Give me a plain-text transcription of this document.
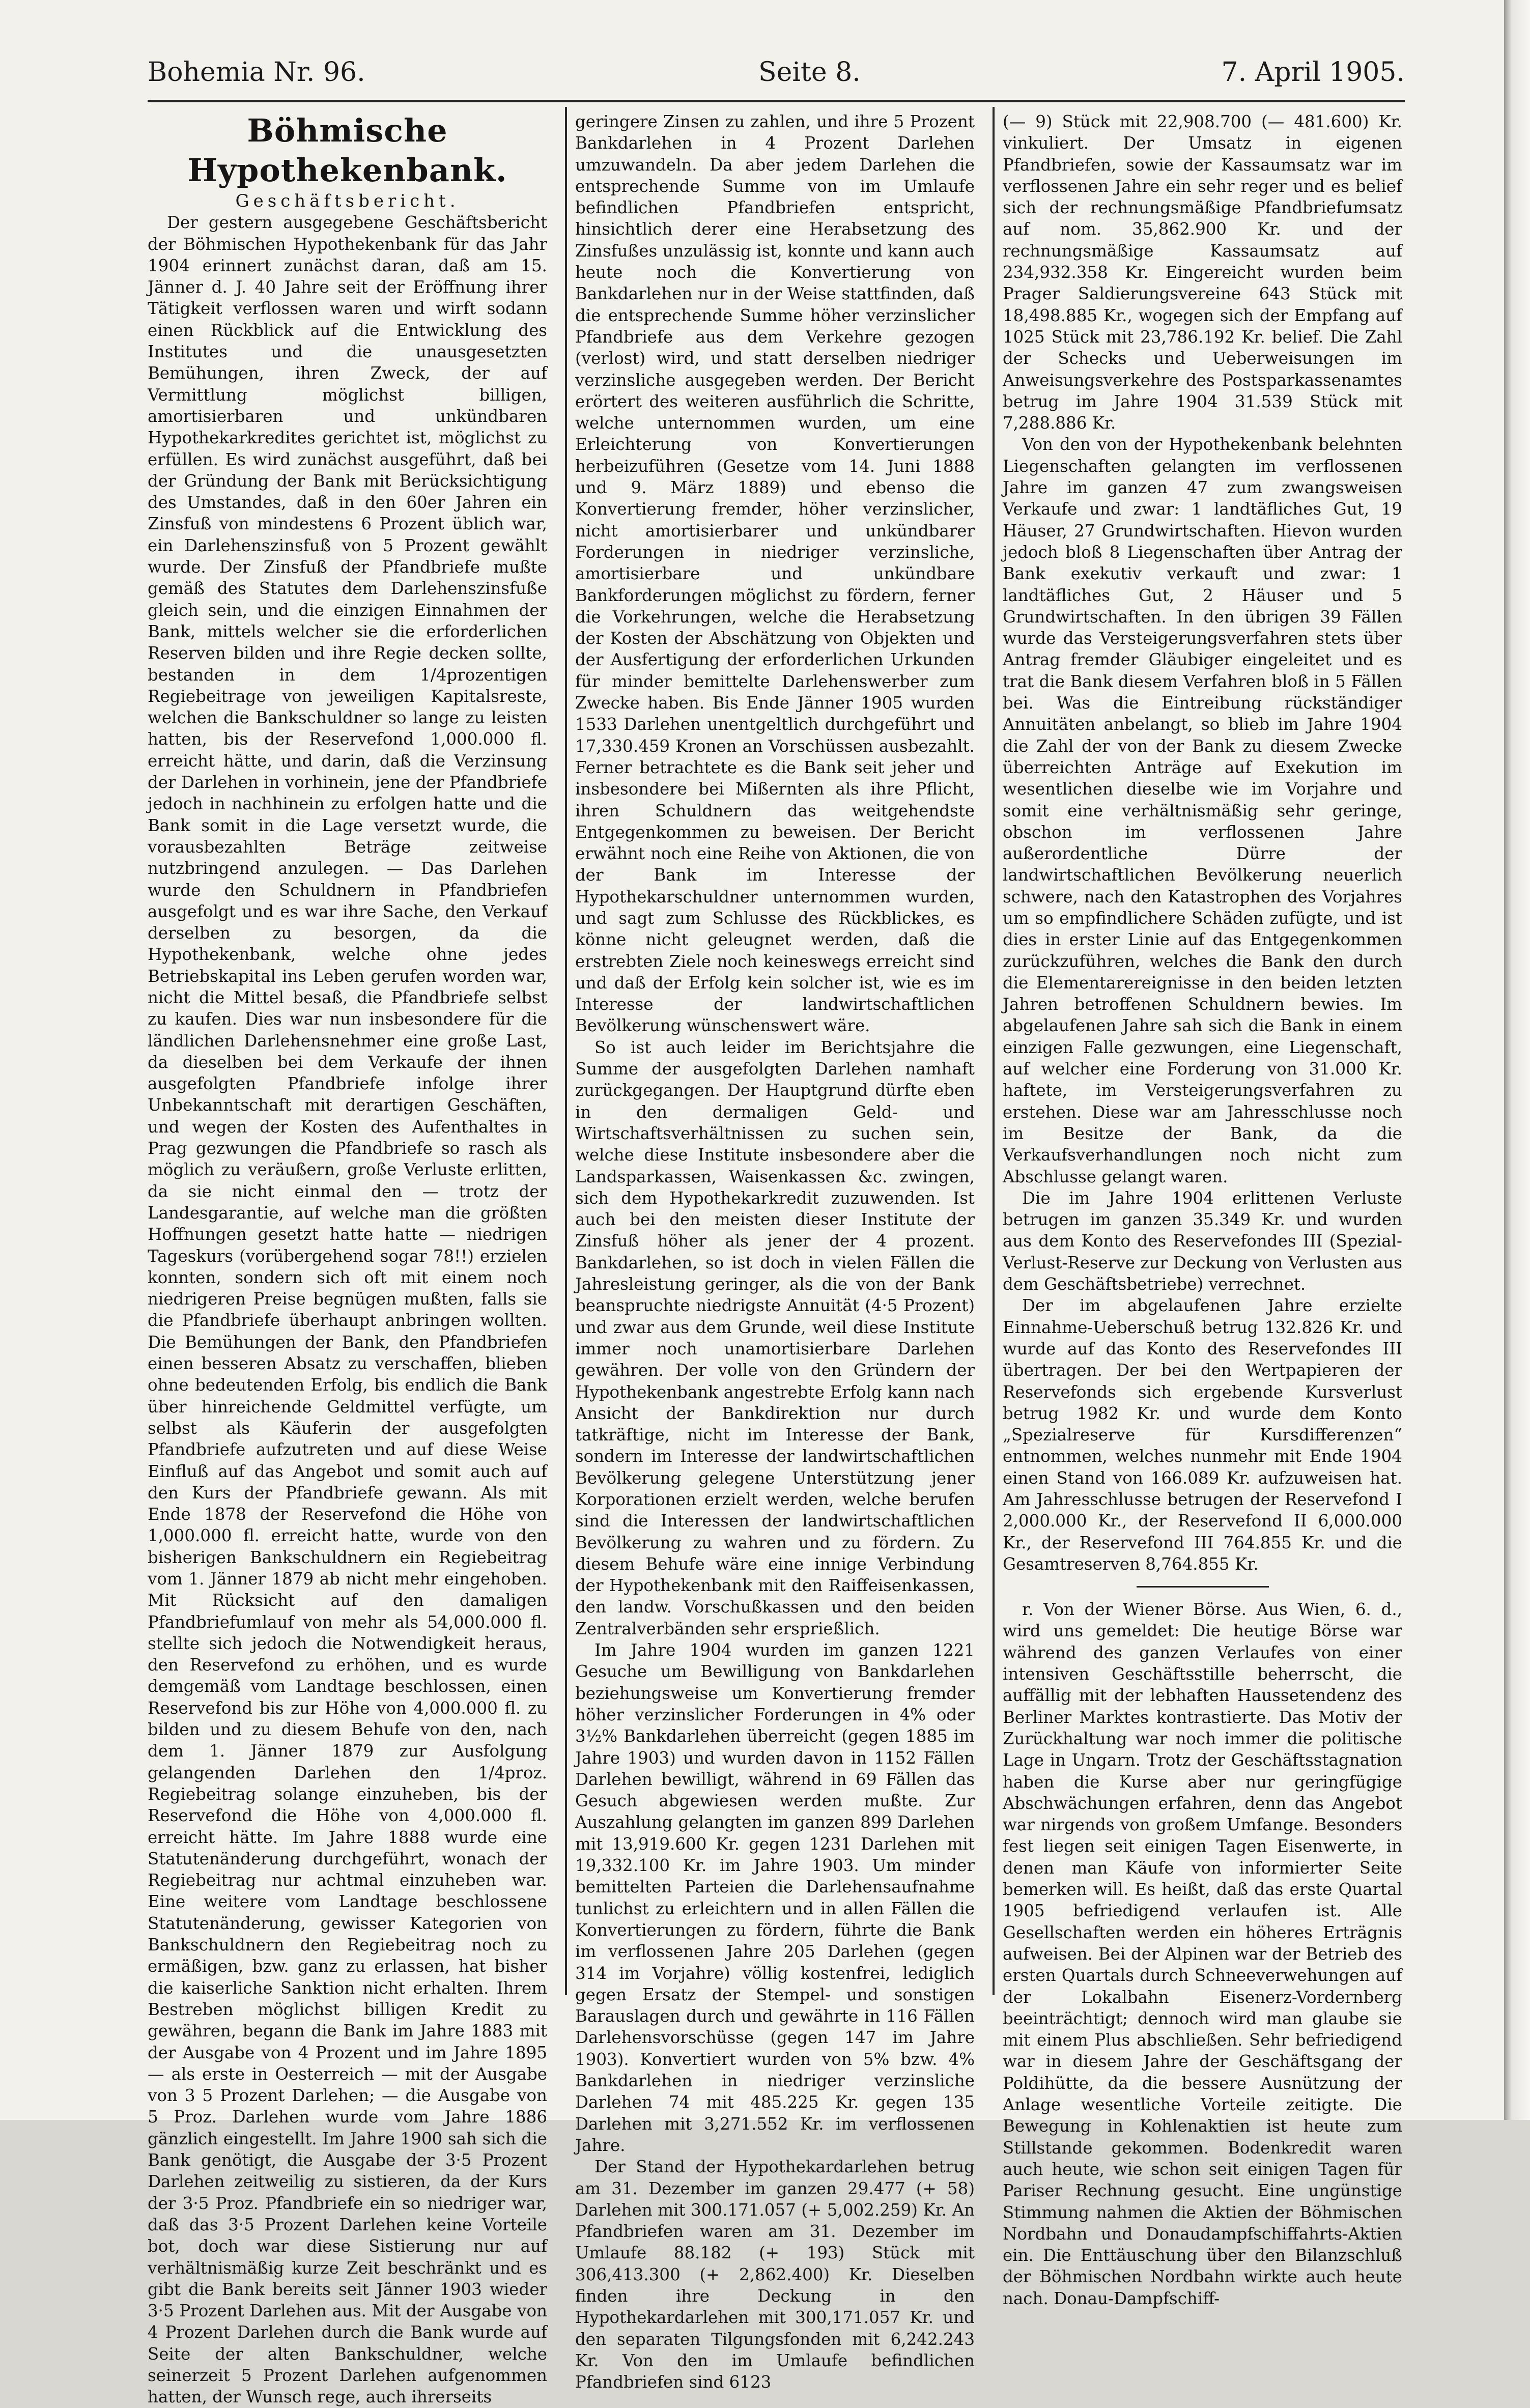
Bohemia Nr. 96.	Seite 8.	7. April 1905.

Böhmische Hypothekenbank.

Geschäftsbericht.

Der gestern ausgegebene Geschäftsbericht der Böhmischen Hypothekenbank für das Jahr 1904 erinnert zunächst daran, daß am 15. Jänner d. J. 40 Jahre seit der Eröffnung ihrer Tätigkeit verflossen waren und wirft sodann einen Rückblick auf die Entwicklung des Institutes und die unausgesetzten Bemühungen, ihren Zweck, der auf Vermittlung möglichst billigen, amortisierbaren und unkündbaren Hypothekarkredites gerichtet ist, möglichst zu erfüllen. Es wird zunächst ausgeführt, daß bei der Gründung der Bank mit Berücksichtigung des Umstandes, daß in den 60er Jahren ein Zinsfuß von mindestens 6 Prozent üblich war, ein Darlehenszinsfuß von 5 Prozent gewählt wurde. Der Zinsfuß der Pfandbriefe mußte gemäß des Statutes dem Darlehenszinsfuße gleich sein, und die einzigen Einnahmen der Bank, mittels welcher sie die erforderlichen Reserven bilden und ihre Regie decken sollte, bestanden in dem 1/4prozentigen Regiebeitrage von jeweiligen Kapitalsreste, welchen die Bankschuldner so lange zu leisten hatten, bis der Reservefond 1,000.000 fl. erreicht hätte, und darin, daß die Verzinsung der Darlehen in vorhinein, jene der Pfandbriefe jedoch in nachhinein zu erfolgen hatte und die Bank somit in die Lage versetzt wurde, die vorausbezahlten Beträge zeitweise nutzbringend anzulegen. — Das Darlehen wurde den Schuldnern in Pfandbriefen ausgefolgt und es war ihre Sache, den Verkauf derselben zu besorgen, da die Hypothekenbank, welche ohne jedes Betriebskapital ins Leben gerufen worden war, nicht die Mittel besaß, die Pfandbriefe selbst zu kaufen. Dies war nun insbesondere für die ländlichen Darlehensnehmer eine große Last, da dieselben bei dem Verkaufe der ihnen ausgefolgten Pfandbriefe infolge ihrer Unbekanntschaft mit derartigen Geschäften, und wegen der Kosten des Aufenthaltes in Prag gezwungen die Pfandbriefe so rasch als möglich zu veräußern, große Verluste erlitten, da sie nicht einmal den — trotz der Landesgarantie, auf welche man die größten Hoffnungen gesetzt hatte hatte — niedrigen Tageskurs (vorübergehend sogar 78!!) erzielen konnten, sondern sich oft mit einem noch niedrigeren Preise begnügen mußten, falls sie die Pfandbriefe überhaupt anbringen wollten. Die Bemühungen der Bank, den Pfandbriefen einen besseren Absatz zu verschaffen, blieben ohne bedeutenden Erfolg, bis endlich die Bank über hinreichende Geldmittel verfügte, um selbst als Käuferin der ausgefolgten Pfandbriefe aufzutreten und auf diese Weise Einfluß auf das Angebot und somit auch auf den Kurs der Pfandbriefe gewann. Als mit Ende 1878 der Reservefond die Höhe von 1,000.000 fl. erreicht hatte, wurde von den bisherigen Bankschuldnern ein Regiebeitrag vom 1. Jänner 1879 ab nicht mehr eingehoben. Mit Rücksicht auf den damaligen Pfandbriefumlauf von mehr als 54,000.000 fl. stellte sich jedoch die Notwendigkeit heraus, den Reservefond zu erhöhen, und es wurde demgemäß vom Landtage beschlossen, einen Reservefond bis zur Höhe von 4,000.000 fl. zu bilden und zu diesem Behufe von den, nach dem 1. Jänner 1879 zur Ausfolgung gelangenden Darlehen den 1/4proz. Regiebeitrag solange einzuheben, bis der Reservefond die Höhe von 4,000.000 fl. erreicht hätte. Im Jahre 1888 wurde eine Statutenänderung durchgeführt, wonach der Regiebeitrag nur achtmal einzuheben war. Eine weitere vom Landtage beschlossene Statutenänderung, gewisser Kategorien von Bankschuldnern den Regiebeitrag noch zu ermäßigen, bzw. ganz zu erlassen, hat bisher die kaiserliche Sanktion nicht erhalten. Ihrem Bestreben möglichst billigen Kredit zu gewähren, begann die Bank im Jahre 1883 mit der Ausgabe von 4 Prozent und im Jahre 1895 — als erste in Oesterreich — mit der Ausgabe von 3 5 Prozent Darlehen; — die Ausgabe von 5 Proz. Darlehen wurde vom Jahre 1886 gänzlich eingestellt. Im Jahre 1900 sah sich die Bank genötigt, die Ausgabe der 3·5 Prozent Darlehen zeitweilig zu sistieren, da der Kurs der 3·5 Proz. Pfandbriefe ein so niedriger war, daß das 3·5 Prozent Darlehen keine Vorteile bot, doch war diese Sistierung nur auf verhältnismäßig kurze Zeit beschränkt und es gibt die Bank bereits seit Jänner 1903 wieder 3·5 Prozent Darlehen aus. Mit der Ausgabe von 4 Prozent Darlehen durch die Bank wurde auf Seite der alten Bankschuldner, welche seinerzeit 5 Prozent Darlehen aufgenommen hatten, der Wunsch rege, auch ihrerseits

geringere Zinsen zu zahlen, und ihre 5 Prozent Bankdarlehen in 4 Prozent Darlehen umzuwandeln. Da aber jedem Darlehen die entsprechende Summe von im Umlaufe befindlichen Pfandbriefen entspricht, hinsichtlich derer eine Herabsetzung des Zinsfußes unzulässig ist, konnte und kann auch heute noch die Konvertierung von Bankdarlehen nur in der Weise stattfinden, daß die entsprechende Summe höher verzinslicher Pfandbriefe aus dem Verkehre gezogen (verlost) wird, und statt derselben niedriger verzinsliche ausgegeben werden. Der Bericht erörtert des weiteren ausführlich die Schritte, welche unternommen wurden, um eine Erleichterung von Konvertierungen herbeizuführen (Gesetze vom 14. Juni 1888 und 9. März 1889) und ebenso die Konvertierung fremder, höher verzinslicher, nicht amortisierbarer und unkündbarer Forderungen in niedriger verzinsliche, amortisierbare und unkündbare Bankforderungen möglichst zu fördern, ferner die Vorkehrungen, welche die Herabsetzung der Kosten der Abschätzung von Objekten und der Ausfertigung der erforderlichen Urkunden für minder bemittelte Darlehenswerber zum Zwecke haben. Bis Ende Jänner 1905 wurden 1533 Darlehen unentgeltlich durchgeführt und 17,330.459 Kronen an Vorschüssen ausbezahlt. Ferner betrachtete es die Bank seit jeher und insbesondere bei Mißernten als ihre Pflicht, ihren Schuldnern das weitgehendste Entgegenkommen zu beweisen. Der Bericht erwähnt noch eine Reihe von Aktionen, die von der Bank im Interesse der Hypothekarschuldner unternommen wurden, und sagt zum Schlusse des Rückblickes, es könne nicht geleugnet werden, daß die erstrebten Ziele noch keineswegs erreicht sind und daß der Erfolg kein solcher ist, wie es im Interesse der landwirtschaftlichen Bevölkerung wünschenswert wäre.

So ist auch leider im Berichtsjahre die Summe der ausgefolgten Darlehen namhaft zurückgegangen. Der Hauptgrund dürfte eben in den dermaligen Geld- und Wirtschaftsverhältnissen zu suchen sein, welche diese Institute insbesondere aber die Landsparkassen, Waisenkassen &c. zwingen, sich dem Hypothekarkredit zuzuwenden. Ist auch bei den meisten dieser Institute der Zinsfuß höher als jener der 4 prozent. Bankdarlehen, so ist doch in vielen Fällen die Jahresleistung geringer, als die von der Bank beanspruchte niedrigste Annuität (4·5 Prozent) und zwar aus dem Grunde, weil diese Institute immer noch unamortisierbare Darlehen gewähren. Der volle von den Gründern der Hypothekenbank angestrebte Erfolg kann nach Ansicht der Bankdirektion nur durch tatkräftige, nicht im Interesse der Bank, sondern im Interesse der landwirtschaftlichen Bevölkerung gelegene Unterstützung jener Korporationen erzielt werden, welche berufen sind die Interessen der landwirtschaftlichen Bevölkerung zu wahren und zu fördern. Zu diesem Behufe wäre eine innige Verbindung der Hypothekenbank mit den Raiffeisenkassen, den landw. Vorschußkassen und den beiden Zentralverbänden sehr ersprießlich.

Im Jahre 1904 wurden im ganzen 1221 Gesuche um Bewilligung von Bankdarlehen beziehungsweise um Konvertierung fremder höher verzinslicher Forderungen in 4% oder 3½% Bankdarlehen überreicht (gegen 1885 im Jahre 1903) und wurden davon in 1152 Fällen Darlehen bewilligt, während in 69 Fällen das Gesuch abgewiesen werden mußte. Zur Auszahlung gelangten im ganzen 899 Darlehen mit 13,919.600 Kr. gegen 1231 Darlehen mit 19,332.100 Kr. im Jahre 1903. Um minder bemittelten Parteien die Darlehensaufnahme tunlichst zu erleichtern und in allen Fällen die Konvertierungen zu fördern, führte die Bank im verflossenen Jahre 205 Darlehen (gegen 314 im Vorjahre) völlig kostenfrei, lediglich gegen Ersatz der Stempel- und sonstigen Barauslagen durch und gewährte in 116 Fällen Darlehensvorschüsse (gegen 147 im Jahre 1903). Konvertiert wurden von 5% bzw. 4% Bankdarlehen in niedriger verzinsliche Darlehen 74 mit 485.225 Kr. gegen 135 Darlehen mit 3,271.552 Kr. im verflossenen Jahre.

Der Stand der Hypothekardarlehen betrug am 31. Dezember im ganzen 29.477 (+ 58) Darlehen mit 300.171.057 (+ 5,002.259) Kr. An Pfandbriefen waren am 31. Dezember im Umlaufe 88.182 (+ 193) Stück mit 306,413.300 (+ 2,862.400) Kr. Dieselben finden ihre Deckung in den Hypothekardarlehen mit 300,171.057 Kr. und den separaten Tilgungsfonden mit 6,242.243 Kr. Von den im Umlaufe befindlichen Pfandbriefen sind 6123

(— 9) Stück mit 22,908.700 (— 481.600) Kr. vinkuliert. Der Umsatz in eigenen Pfandbriefen, sowie der Kassaumsatz war im verflossenen Jahre ein sehr reger und es belief sich der rechnungsmäßige Pfandbriefumsatz auf nom. 35,862.900 Kr. und der rechnungsmäßige Kassaumsatz auf 234,932.358 Kr. Eingereicht wurden beim Prager Saldierungsvereine 643 Stück mit 18,498.885 Kr., wogegen sich der Empfang auf 1025 Stück mit 23,786.192 Kr. belief. Die Zahl der Schecks und Ueberweisungen im Anweisungsverkehre des Postsparkassenamtes betrug im Jahre 1904 31.539 Stück mit 7,288.886 Kr.

Von den von der Hypothekenbank belehnten Liegenschaften gelangten im verflossenen Jahre im ganzen 47 zum zwangsweisen Verkaufe und zwar: 1 landtäfliches Gut, 19 Häuser, 27 Grundwirtschaften. Hievon wurden jedoch bloß 8 Liegenschaften über Antrag der Bank exekutiv verkauft und zwar: 1 landtäfliches Gut, 2 Häuser und 5 Grundwirtschaften. In den übrigen 39 Fällen wurde das Versteigerungsverfahren stets über Antrag fremder Gläubiger eingeleitet und es trat die Bank diesem Verfahren bloß in 5 Fällen bei. Was die Eintreibung rückständiger Annuitäten anbelangt, so blieb im Jahre 1904 die Zahl der von der Bank zu diesem Zwecke überreichten Anträge auf Exekution im wesentlichen dieselbe wie im Vorjahre und somit eine verhältnismäßig sehr geringe, obschon im verflossenen Jahre außerordentliche Dürre der landwirtschaftlichen Bevölkerung neuerlich schwere, nach den Katastrophen des Vorjahres um so empfindlichere Schäden zufügte, und ist dies in erster Linie auf das Entgegenkommen zurückzuführen, welches die Bank den durch die Elementarereignisse in den beiden letzten Jahren betroffenen Schuldnern bewies. Im abgelaufenen Jahre sah sich die Bank in einem einzigen Falle gezwungen, eine Liegenschaft, auf welcher eine Forderung von 31.000 Kr. haftete, im Versteigerungsverfahren zu erstehen. Diese war am Jahresschlusse noch im Besitze der Bank, da die Verkaufsverhandlungen noch nicht zum Abschlusse gelangt waren.

Die im Jahre 1904 erlittenen Verluste betrugen im ganzen 35.349 Kr. und wurden aus dem Konto des Reservefondes III (Spezial-Verlust-Reserve zur Deckung von Verlusten aus dem Geschäftsbetriebe) verrechnet.

Der im abgelaufenen Jahre erzielte Einnahme-Ueberschuß betrug 132.826 Kr. und wurde auf das Konto des Reservefondes III übertragen. Der bei den Wertpapieren der Reservefonds sich ergebende Kursverlust betrug 1982 Kr. und wurde dem Konto „Spezialreserve für Kursdifferenzen“ entnommen, welches nunmehr mit Ende 1904 einen Stand von 166.089 Kr. aufzuweisen hat. Am Jahresschlusse betrugen der Reservefond I 2,000.000 Kr., der Reservefond II 6,000.000 Kr., der Reservefond III 764.855 Kr. und die Gesamtreserven 8,764.855 Kr.

r. Von der Wiener Börse. Aus Wien, 6. d., wird uns gemeldet: Die heutige Börse war während des ganzen Verlaufes von einer intensiven Geschäftsstille beherrscht, die auffällig mit der lebhaften Haussetendenz des Berliner Marktes kontrastierte. Das Motiv der Zurückhaltung war noch immer die politische Lage in Ungarn. Trotz der Geschäftsstagnation haben die Kurse aber nur geringfügige Abschwächungen erfahren, denn das Angebot war nirgends von großem Umfange. Besonders fest liegen seit einigen Tagen Eisenwerte, in denen man Käufe von informierter Seite bemerken will. Es heißt, daß das erste Quartal 1905 befriedigend verlaufen ist. Alle Gesellschaften werden ein höheres Erträgnis aufweisen. Bei der Alpinen war der Betrieb des ersten Quartals durch Schneeverwehungen auf der Lokalbahn Eisenerz-Vordernberg beeinträchtigt; dennoch wird man glaube sie mit einem Plus abschließen. Sehr befriedigend war in diesem Jahre der Geschäftsgang der Poldihütte, da die bessere Ausnützung der Anlage wesentliche Vorteile zeitigte. Die Bewegung in Kohlenaktien ist heute zum Stillstande gekommen. Bodenkredit waren auch heute, wie schon seit einigen Tagen für Pariser Rechnung gesucht. Eine ungünstige Stimmung nahmen die Aktien der Böhmischen Nordbahn und Donaudampfschiffahrts-Aktien ein. Die Enttäuschung über den Bilanzschluß der Böhmischen Nordbahn wirkte auch heute nach. Donau-Dampfschiff-
